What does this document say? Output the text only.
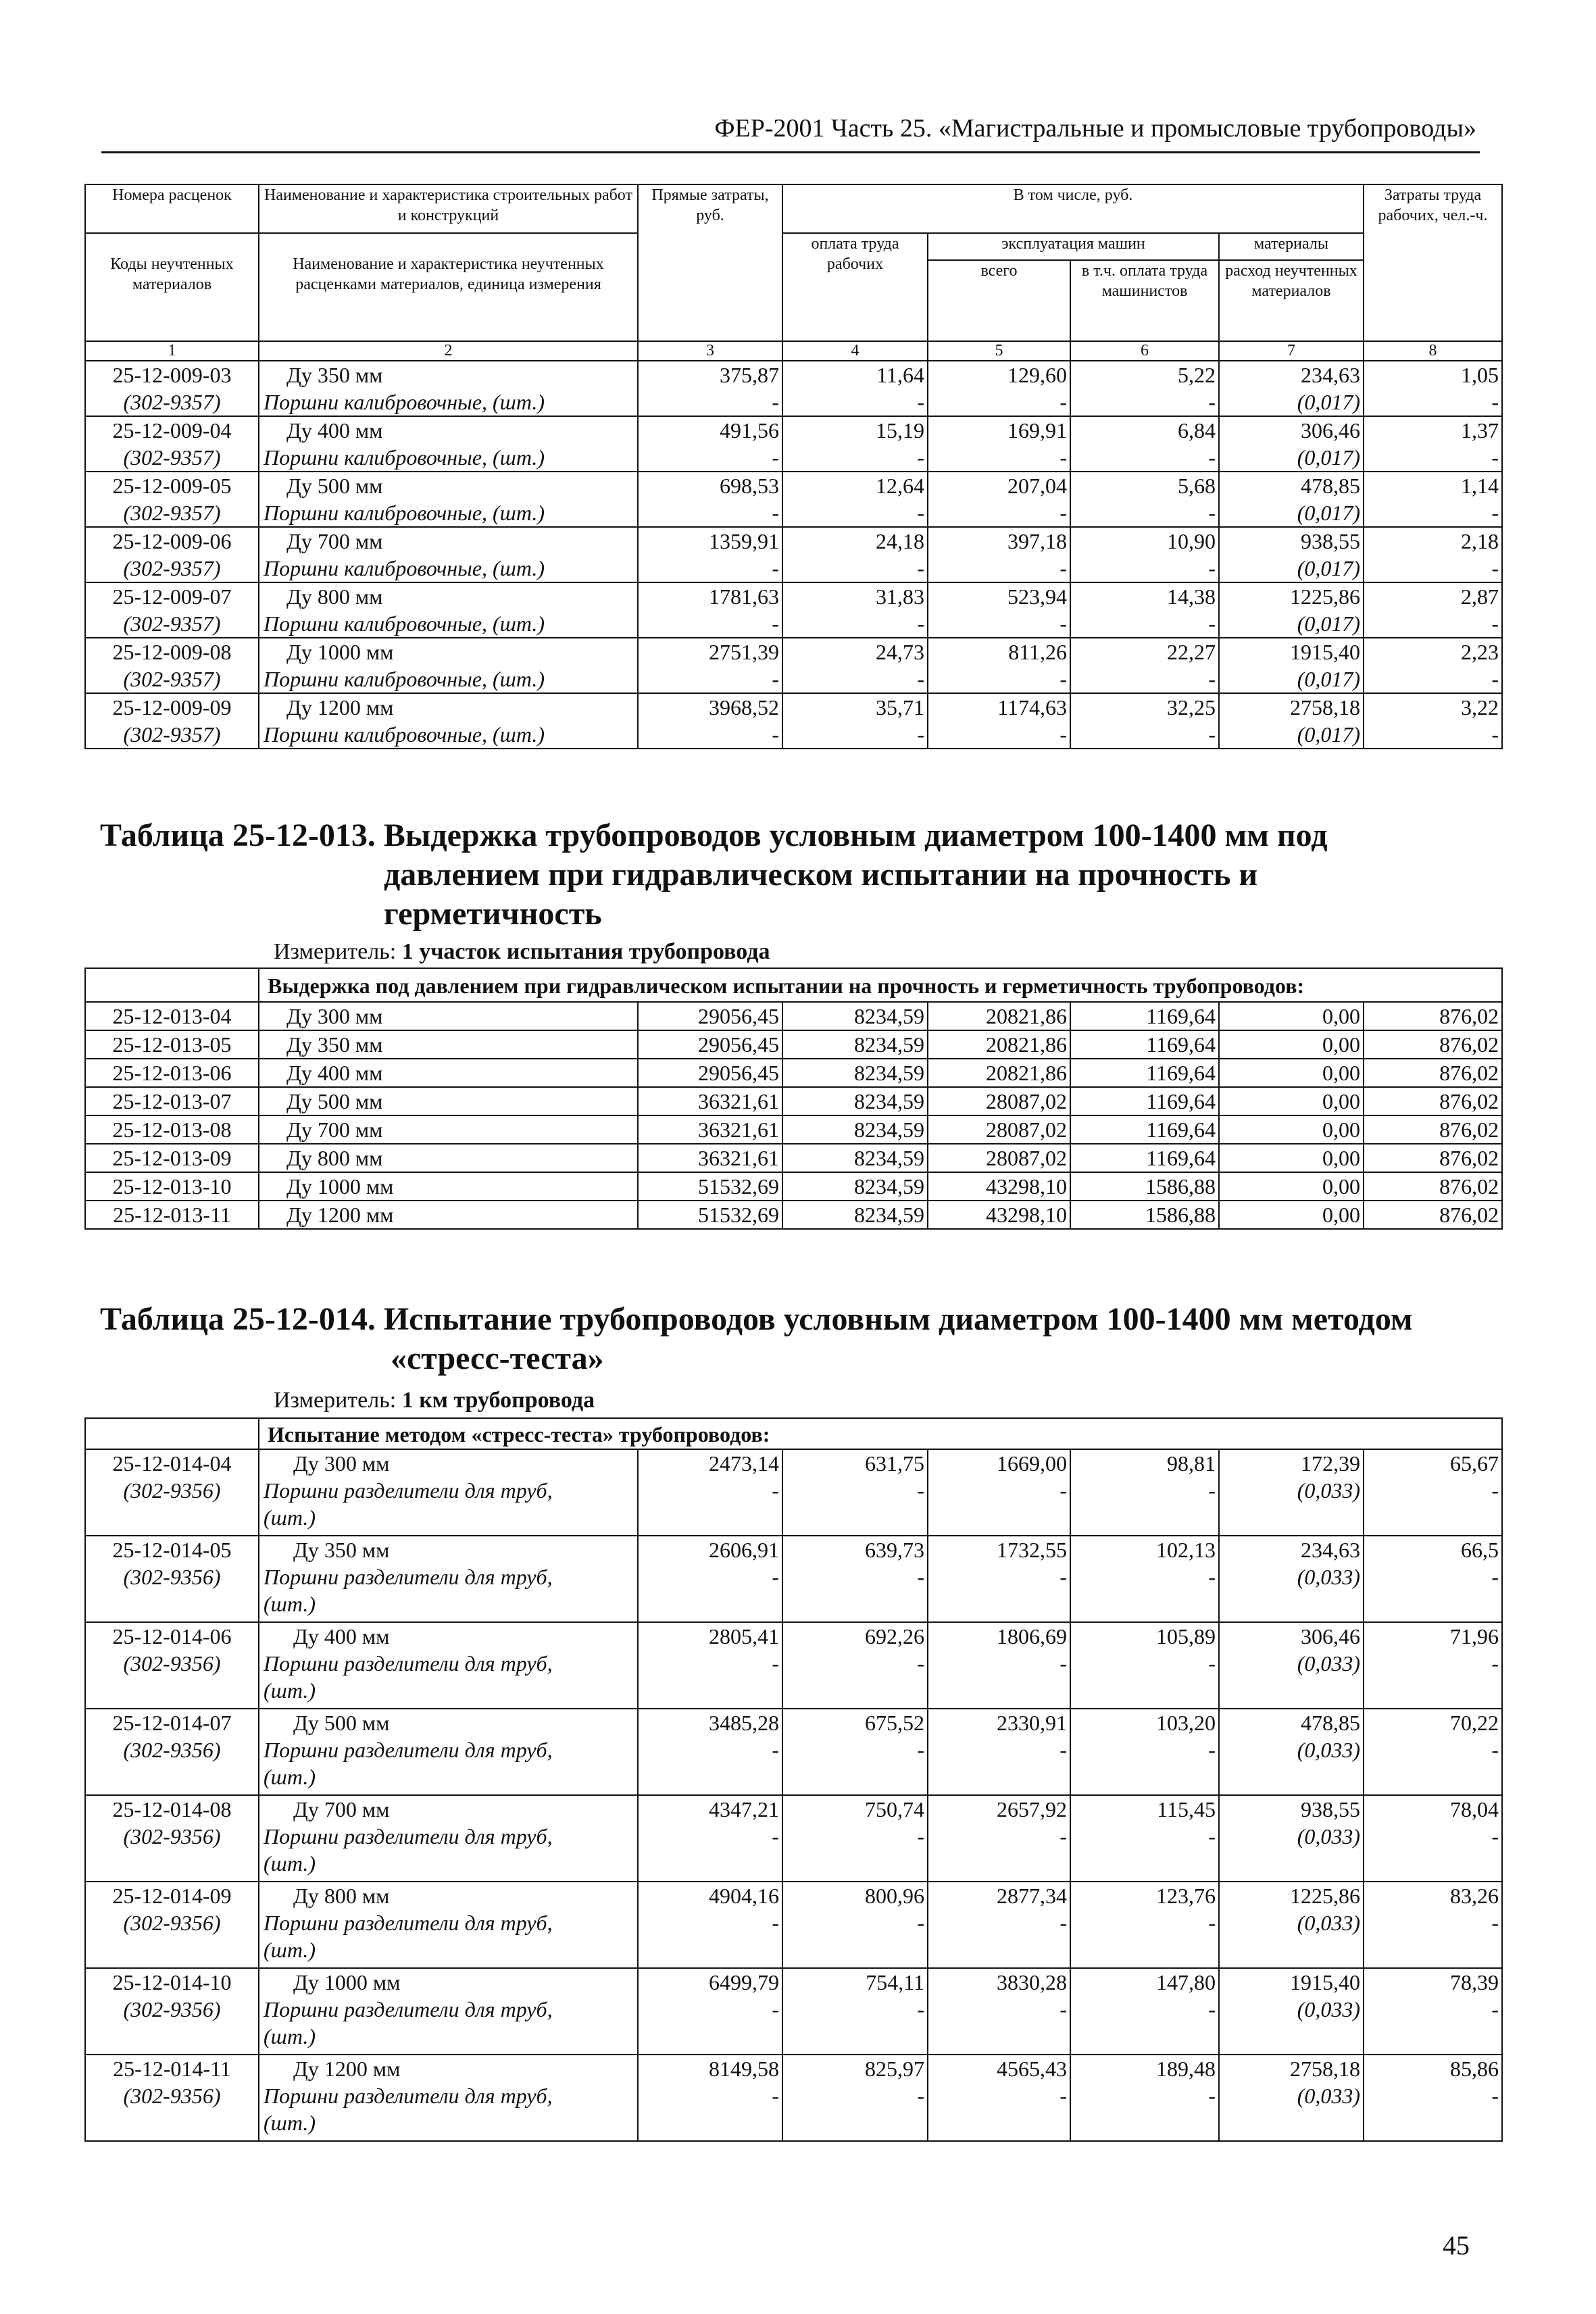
ФЕР-2001 Часть 25. «Магистральные и промысловые трубопроводы»
Номера расценок	Наименование и характеристика строительных работ и конструкций	Прямые затраты, руб.	В том числе, руб.				Затраты труда рабочих, чел.-ч.

Коды неучтенных материалов	Наименование и характеристика неучтенных расценками материалов, единица измерения		оплата труда рабочих	эксплуатация машин		материалы	
				всего	в т.ч. оплата труда машинистов	расход неучтенных материалов	

1	2	3	4	5	6	7	8
25-12-009-03	Ду 350 мм	375,87	11,64	129,60	5,22	234,63	1,05
(302-9357)	Поршни калибровочные, (шт.)	-	-	-	-	(0,017)	-
25-12-009-04	Ду 400 мм	491,56	15,19	169,91	6,84	306,46	1,37
(302-9357)	Поршни калибровочные, (шт.)	-	-	-	-	(0,017)	-
25-12-009-05	Ду 500 мм	698,53	12,64	207,04	5,68	478,85	1,14
(302-9357)	Поршни калибровочные, (шт.)	-	-	-	-	(0,017)	-
25-12-009-06	Ду 700 мм	1359,91	24,18	397,18	10,90	938,55	2,18
(302-9357)	Поршни калибровочные, (шт.)	-	-	-	-	(0,017)	-
25-12-009-07	Ду 800 мм	1781,63	31,83	523,94	14,38	1225,86	2,87
(302-9357)	Поршни калибровочные, (шт.)	-	-	-	-	(0,017)	-
25-12-009-08	Ду 1000 мм	2751,39	24,73	811,26	22,27	1915,40	2,23
(302-9357)	Поршни калибровочные, (шт.)	-	-	-	-	(0,017)	-
25-12-009-09	Ду 1200 мм	3968,52	35,71	1174,63	32,25	2758,18	3,22
(302-9357)	Поршни калибровочные, (шт.)	-	-	-	-	(0,017)	-
Таблица 25-12-013. Выдержка трубопроводов условным диаметром 100-1400 мм под давлением при гидравлическом испытании на прочность и герметичность
Измеритель: 1 участок испытания трубопровода
	Выдержка под давлением при гидравлическом испытании на прочность и герметичность трубопроводов:						
25-12-013-04	Ду 300 мм	29056,45	8234,59	20821,86	1169,64	0,00	876,02
25-12-013-05	Ду 350 мм	29056,45	8234,59	20821,86	1169,64	0,00	876,02
25-12-013-06	Ду 400 мм	29056,45	8234,59	20821,86	1169,64	0,00	876,02
25-12-013-07	Ду 500 мм	36321,61	8234,59	28087,02	1169,64	0,00	876,02
25-12-013-08	Ду 700 мм	36321,61	8234,59	28087,02	1169,64	0,00	876,02
25-12-013-09	Ду 800 мм	36321,61	8234,59	28087,02	1169,64	0,00	876,02
25-12-013-10	Ду 1000 мм	51532,69	8234,59	43298,10	1586,88	0,00	876,02
25-12-013-11	Ду 1200 мм	51532,69	8234,59	43298,10	1586,88	0,00	876,02
Таблица 25-12-014. Испытание трубопроводов условным диаметром 100-1400 мм методом «стресс-теста»
Измеритель: 1 км трубопровода
	Испытание методом «стресс-теста» трубопроводов:						
25-12-014-04	Ду 300 мм	2473,14	631,75	1669,00	98,81	172,39	65,67
(302-9356)	Поршни разделители для труб, (шт.)	-	-	-	-	(0,033)	-
25-12-014-05	Ду 350 мм	2606,91	639,73	1732,55	102,13	234,63	66,5
(302-9356)	Поршни разделители для труб, (шт.)	-	-	-	-	(0,033)	-
25-12-014-06	Ду 400 мм	2805,41	692,26	1806,69	105,89	306,46	71,96
(302-9356)	Поршни разделители для труб, (шт.)	-	-	-	-	(0,033)	-
25-12-014-07	Ду 500 мм	3485,28	675,52	2330,91	103,20	478,85	70,22
(302-9356)	Поршни разделители для труб, (шт.)	-	-	-	-	(0,033)	-
25-12-014-08	Ду 700 мм	4347,21	750,74	2657,92	115,45	938,55	78,04
(302-9356)	Поршни разделители для труб, (шт.)	-	-	-	-	(0,033)	-
25-12-014-09	Ду 800 мм	4904,16	800,96	2877,34	123,76	1225,86	83,26
(302-9356)	Поршни разделители для труб, (шт.)	-	-	-	-	(0,033)	-
25-12-014-10	Ду 1000 мм	6499,79	754,11	3830,28	147,80	1915,40	78,39
(302-9356)	Поршни разделители для труб, (шт.)	-	-	-	-	(0,033)	-
25-12-014-11	Ду 1200 мм	8149,58	825,97	4565,43	189,48	2758,18	85,86
(302-9356)	Поршни разделители для труб, (шт.)	-	-	-	-	(0,033)	-
45
